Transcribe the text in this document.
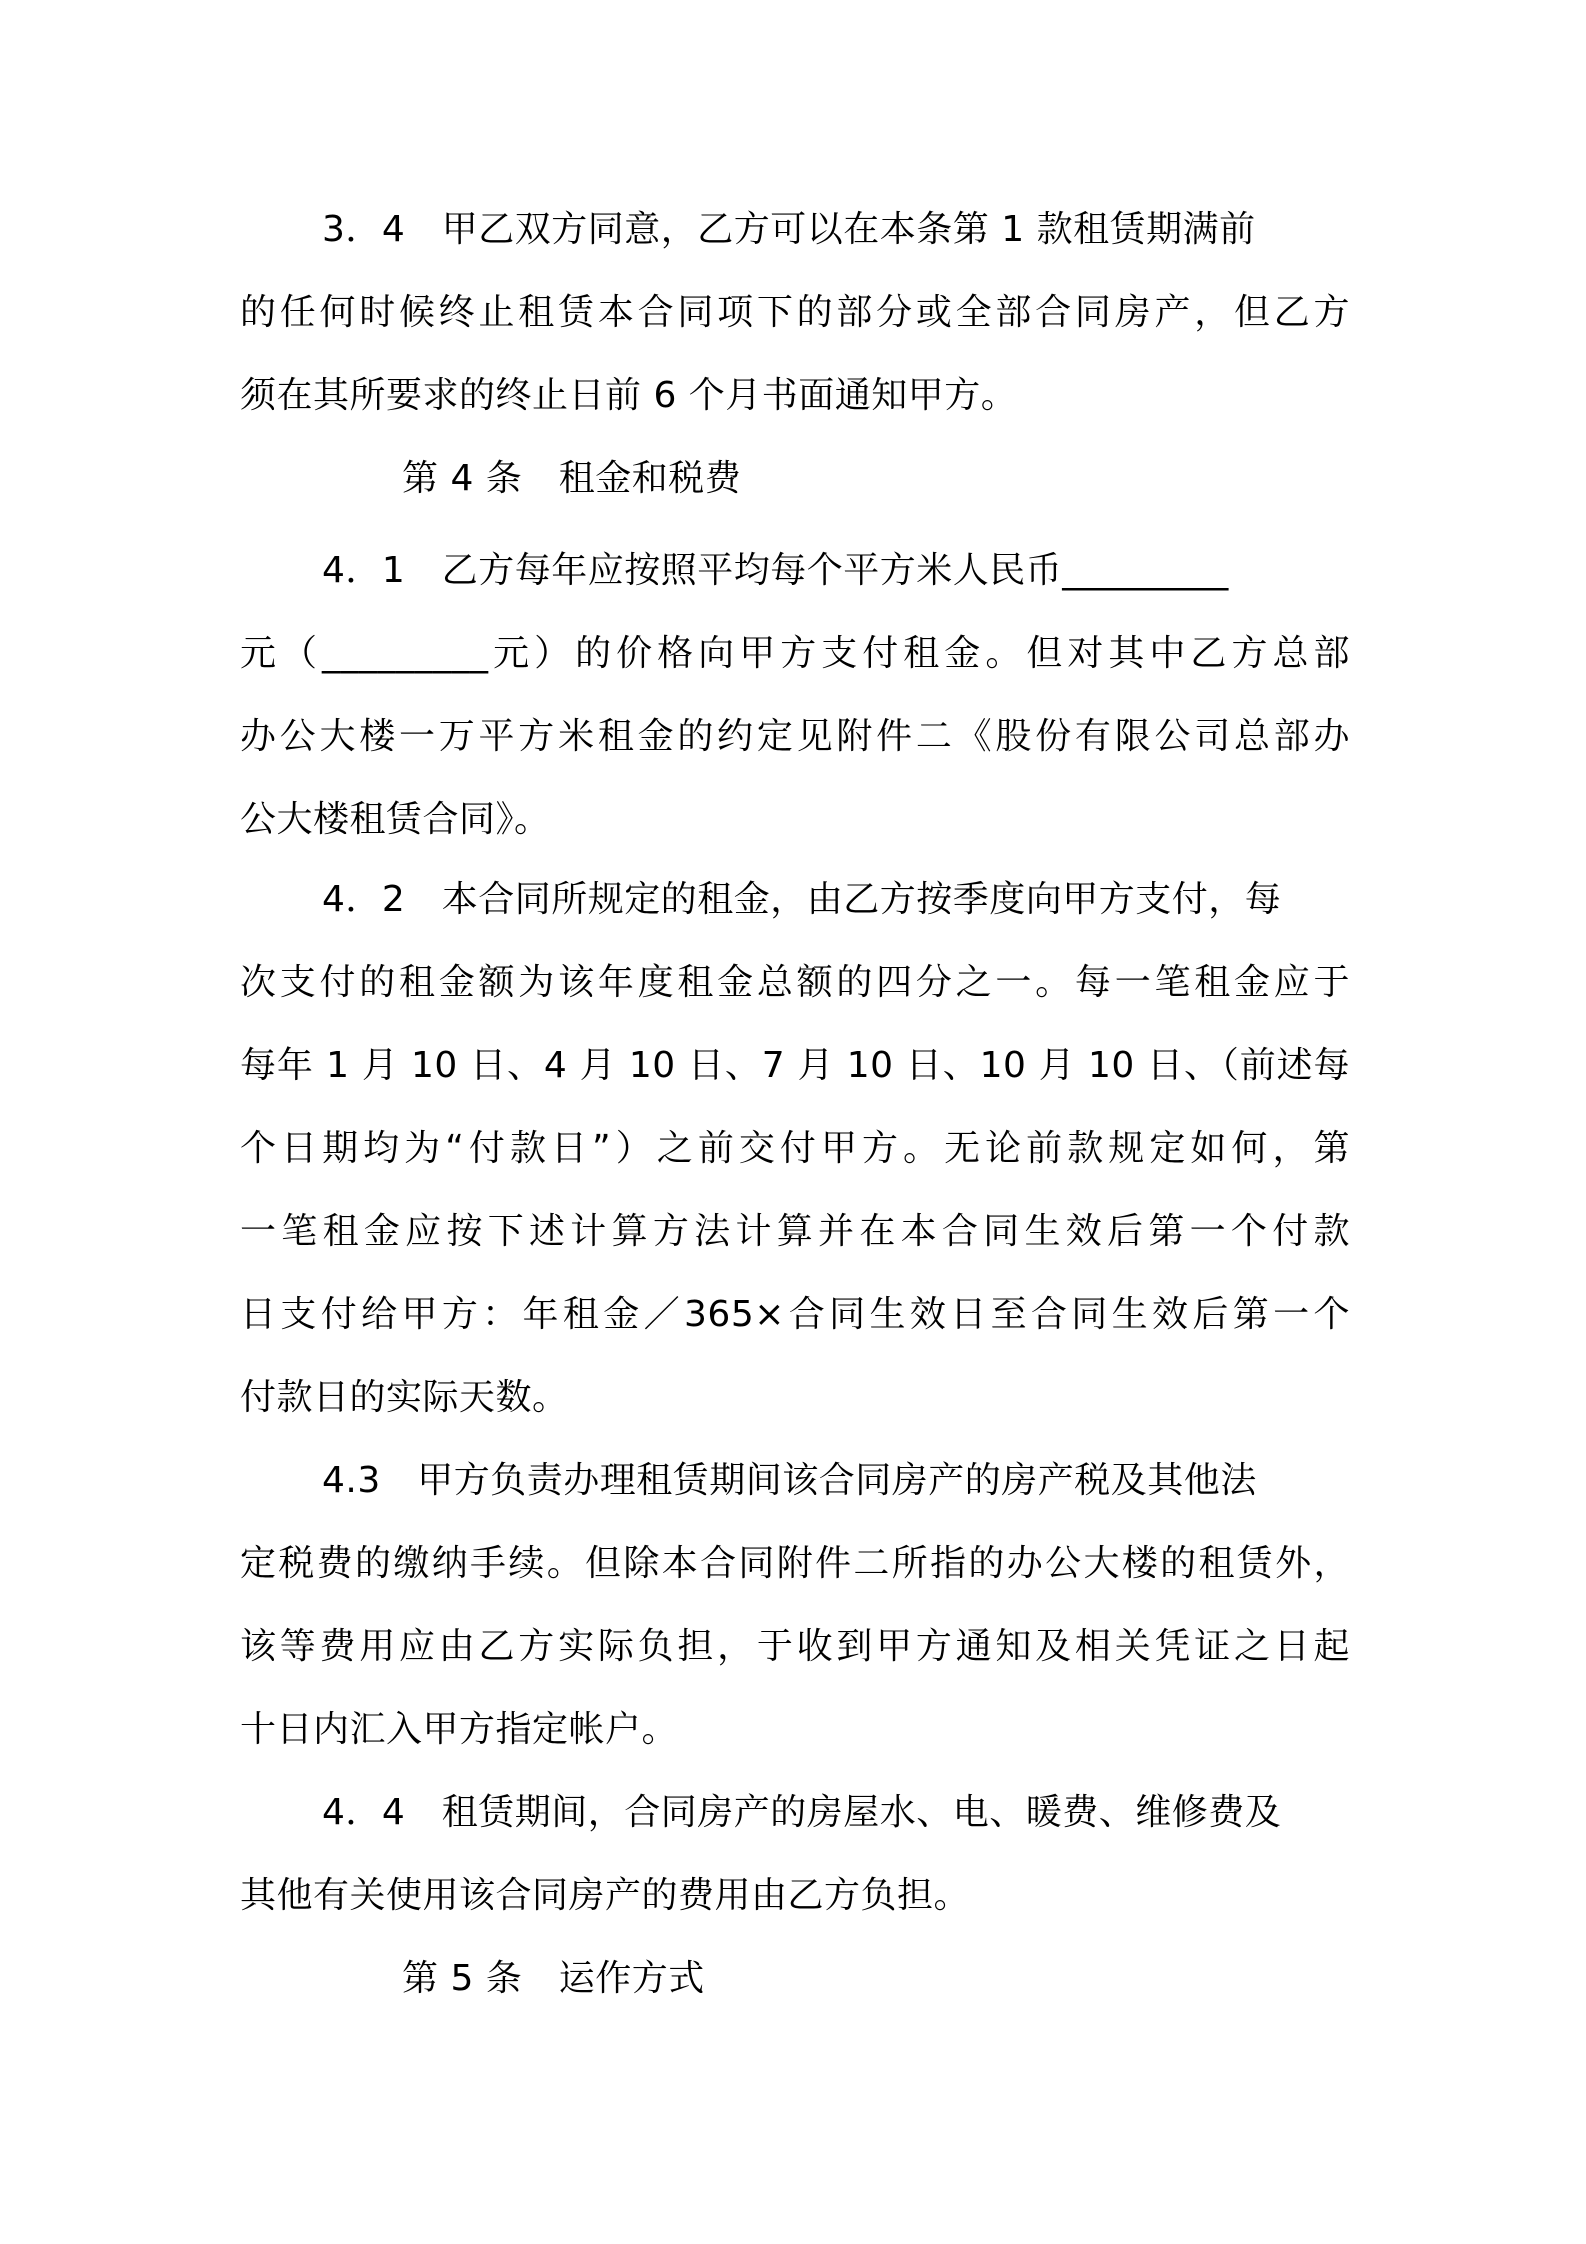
3．4　甲乙双方同意，乙方可以在本条第 1 款租赁期满前
的任何时候终止租赁本合同项下的部分或全部合同房产，但乙方
须在其所要求的终止日前 6 个月书面通知甲方。
第 4 条　租金和税费
4．1　乙方每年应按照平均每个平方米人民币_________
元（_________元）的价格向甲方支付租金。但对其中乙方总部
办公大楼一万平方米租金的约定见附件二《股份有限公司总部办
公大楼租赁合同》。
4．2　本合同所规定的租金，由乙方按季度向甲方支付，每
次支付的租金额为该年度租金总额的四分之一。每一笔租金应于
每年 1 月 10 日、4 月 10 日、7 月 10 日、10 月 10 日、（前述每
个日期均为“付款日”）之前交付甲方。无论前款规定如何，第
一笔租金应按下述计算方法计算并在本合同生效后第一个付款
日支付给甲方：年租金／365×合同生效日至合同生效后第一个
付款日的实际天数。
4.3　甲方负责办理租赁期间该合同房产的房产税及其他法
定税费的缴纳手续。但除本合同附件二所指的办公大楼的租赁外，
该等费用应由乙方实际负担，于收到甲方通知及相关凭证之日起
十日内汇入甲方指定帐户。
4．4　租赁期间，合同房产的房屋水、电、暖费、维修费及
其他有关使用该合同房产的费用由乙方负担。
第 5 条　运作方式
